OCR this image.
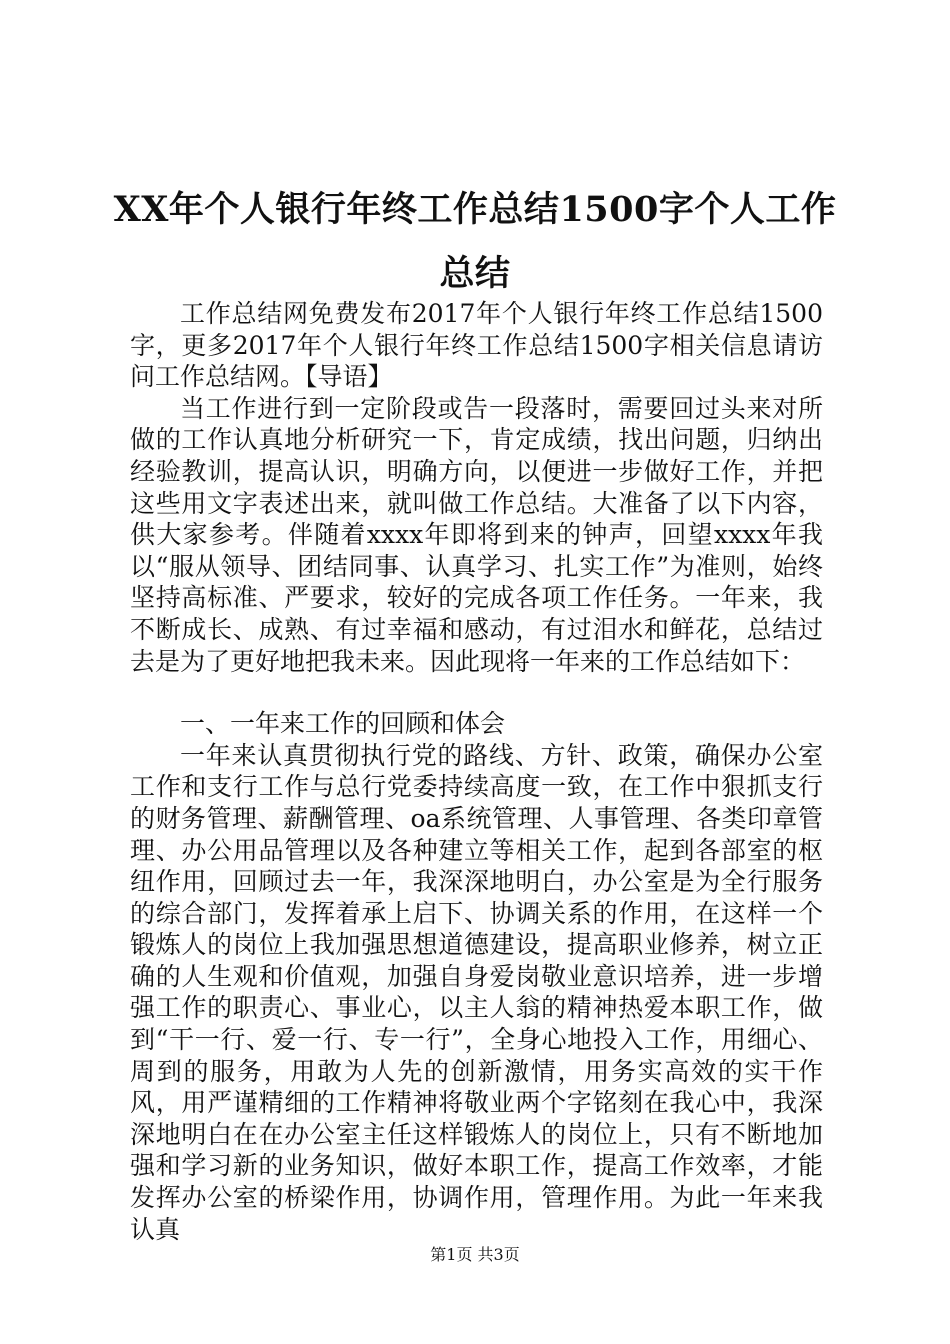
XX年个人银行年终工作总结1500字个人工作总结

工作总结网免费发布2017年个人银行年终工作总结1500字，更多2017年个人银行年终工作总结1500字相关信息请访问工作总结网。【导语】

当工作进行到一定阶段或告一段落时，需要回过头来对所做的工作认真地分析研究一下，肯定成绩，找出问题，归纳出经验教训，提高认识，明确方向，以便进一步做好工作，并把这些用文字表述出来，就叫做工作总结。大准备了以下内容，供大家参考。伴随着xxxx年即将到来的钟声，回望xxxx年我以“服从领导、团结同事、认真学习、扎实工作”为准则，始终坚持高标准、严要求，较好的完成各项工作任务。一年来，我不断成长、成熟、有过幸福和感动，有过泪水和鲜花，总结过去是为了更好地把我未来。因此现将一年来的工作总结如下：

一、一年来工作的回顾和体会

一年来认真贯彻执行党的路线、方针、政策，确保办公室工作和支行工作与总行党委持续高度一致，在工作中狠抓支行的财务管理、薪酬管理、oa系统管理、人事管理、各类印章管理、办公用品管理以及各种建立等相关工作，起到各部室的枢纽作用，回顾过去一年，我深深地明白，办公室是为全行服务的综合部门，发挥着承上启下、协调关系的作用，在这样一个锻炼人的岗位上我加强思想道德建设，提高职业修养，树立正确的人生观和价值观，加强自身爱岗敬业意识培养，进一步增强工作的职责心、事业心，以主人翁的精神热爱本职工作，做到“干一行、爱一行、专一行”，全身心地投入工作，用细心、周到的服务，用敢为人先的创新激情，用务实高效的实干作风，用严谨精细的工作精神将敬业两个字铭刻在我心中，我深深地明白在在办公室主任这样锻炼人的岗位上，只有不断地加强和学习新的业务知识，做好本职工作，提高工作效率，才能发挥办公室的桥梁作用，协调作用，管理作用。为此一年来我认真

第1页 共3页
